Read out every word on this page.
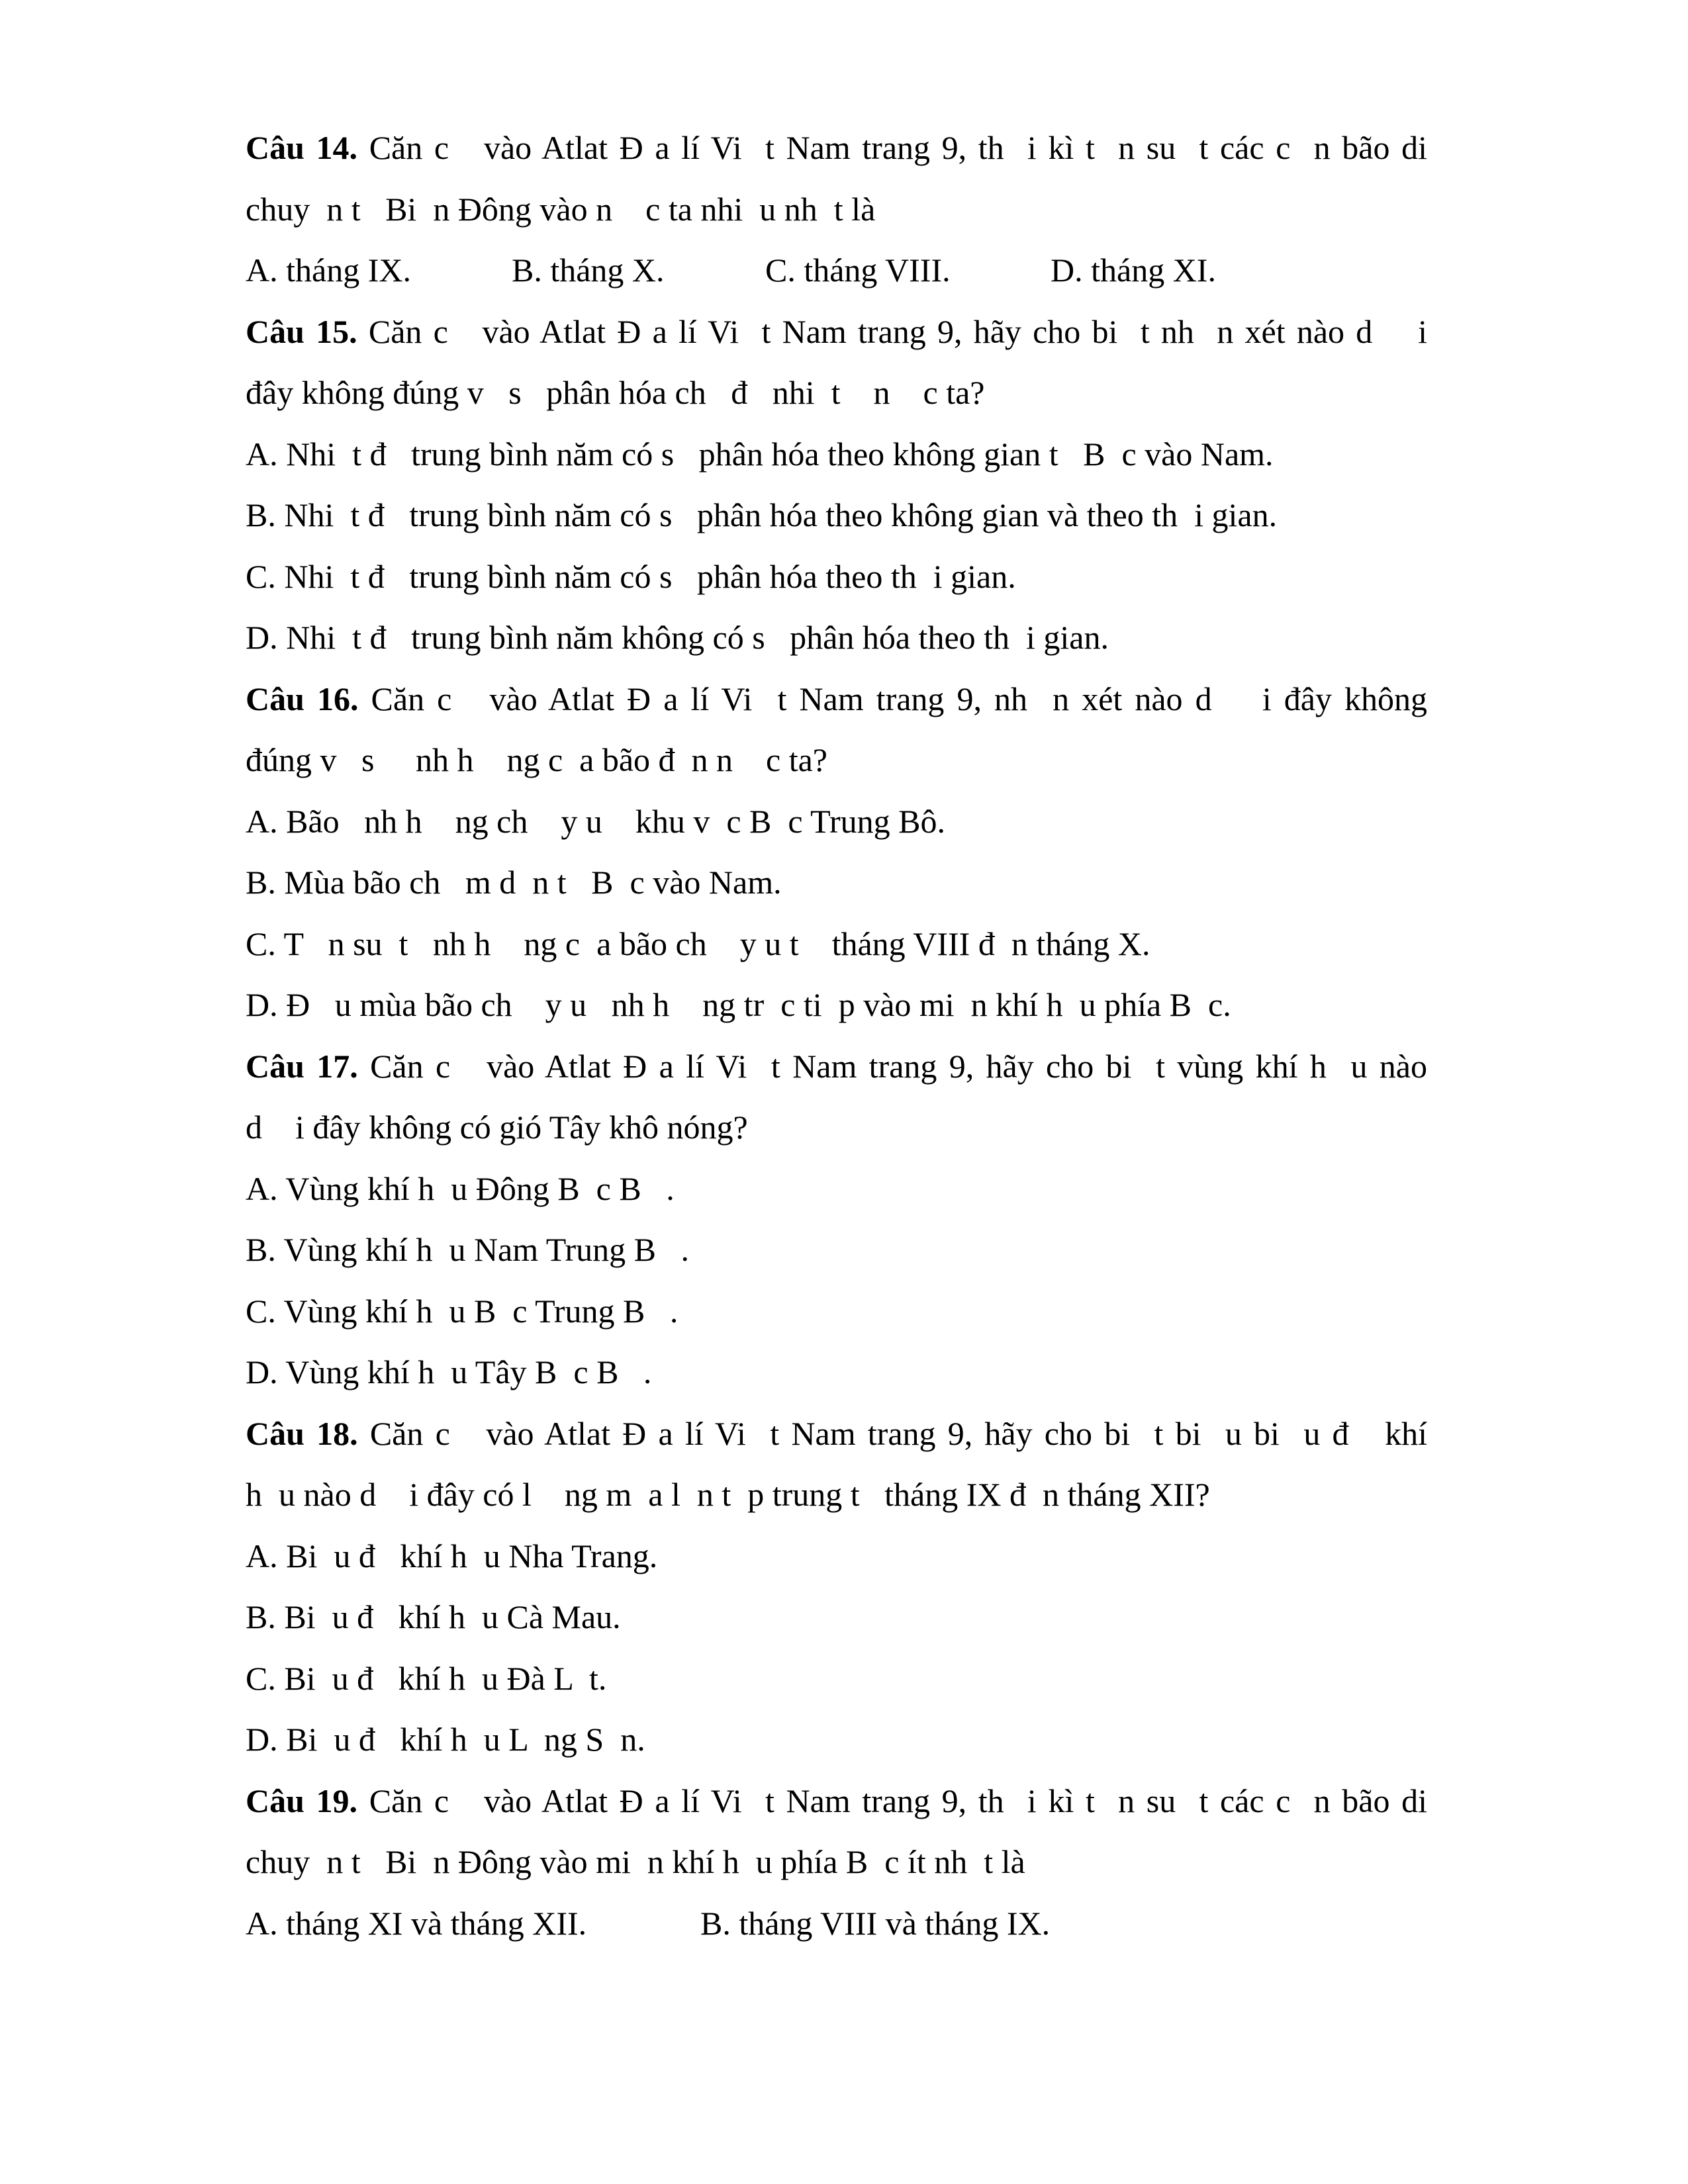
Câu 14. Căn c   vào Atlat Đ a lí Vi  t Nam trang 9, th  i kì t  n su  t các c  n bão di
chuy  n t   Bi  n Đông vào n    c ta nhi  u nh  t là

A. tháng IX.

	B. tháng X.

	C. tháng VIII.

	D. tháng XI.

Câu 15. Căn c   vào Atlat Đ a lí Vi  t Nam trang 9, hãy cho bi  t nh  n xét nào d    i
đây không đúng v   s   phân hóa ch   đ   nhi  t    n    c ta?
A. Nhi  t đ   trung bình năm có s   phân hóa theo không gian t   B  c vào Nam.
B. Nhi  t đ   trung bình năm có s   phân hóa theo không gian và theo th  i gian.
C. Nhi  t đ   trung bình năm có s   phân hóa theo th  i gian.
D. Nhi  t đ   trung bình năm không có s   phân hóa theo th  i gian.
Câu 16. Căn c   vào Atlat Đ a lí Vi  t Nam trang 9, nh  n xét nào d    i đây không
đúng v   s     nh h    ng c  a bão đ  n n    c ta?
A. Bão   nh h    ng ch    y u    khu v  c B  c Trung Bô.
B. Mùa bão ch   m d  n t   B  c vào Nam.
C. T   n su  t   nh h    ng c  a bão ch    y u t    tháng VIII đ  n tháng X.
D. Đ   u mùa bão ch    y u   nh h    ng tr  c ti  p vào mi  n khí h  u phía B  c.
Câu 17. Căn c   vào Atlat Đ a lí Vi  t Nam trang 9, hãy cho bi  t vùng khí h  u nào
d    i đây không có gió Tây khô nóng?
A. Vùng khí h  u Đông B  c B   .
B. Vùng khí h  u Nam Trung B   .
C. Vùng khí h  u B  c Trung B   .
D. Vùng khí h  u Tây B  c B   .
Câu 18. Căn c   vào Atlat Đ a lí Vi  t Nam trang 9, hãy cho bi  t bi  u bi  u đ   khí
h  u nào d    i đây có l    ng m  a l  n t  p trung t   tháng IX đ  n tháng XII?
A. Bi  u đ   khí h  u Nha Trang.
B. Bi  u đ   khí h  u Cà Mau.
C. Bi  u đ   khí h  u Đà L  t.
D. Bi  u đ   khí h  u L  ng S  n.
Câu 19. Căn c   vào Atlat Đ a lí Vi  t Nam trang 9, th  i kì t  n su  t các c  n bão di
chuy  n t   Bi  n Đông vào mi  n khí h  u phía B  c ít nh  t là

A. tháng XI và tháng XII.

	B. tháng VIII và tháng IX.
